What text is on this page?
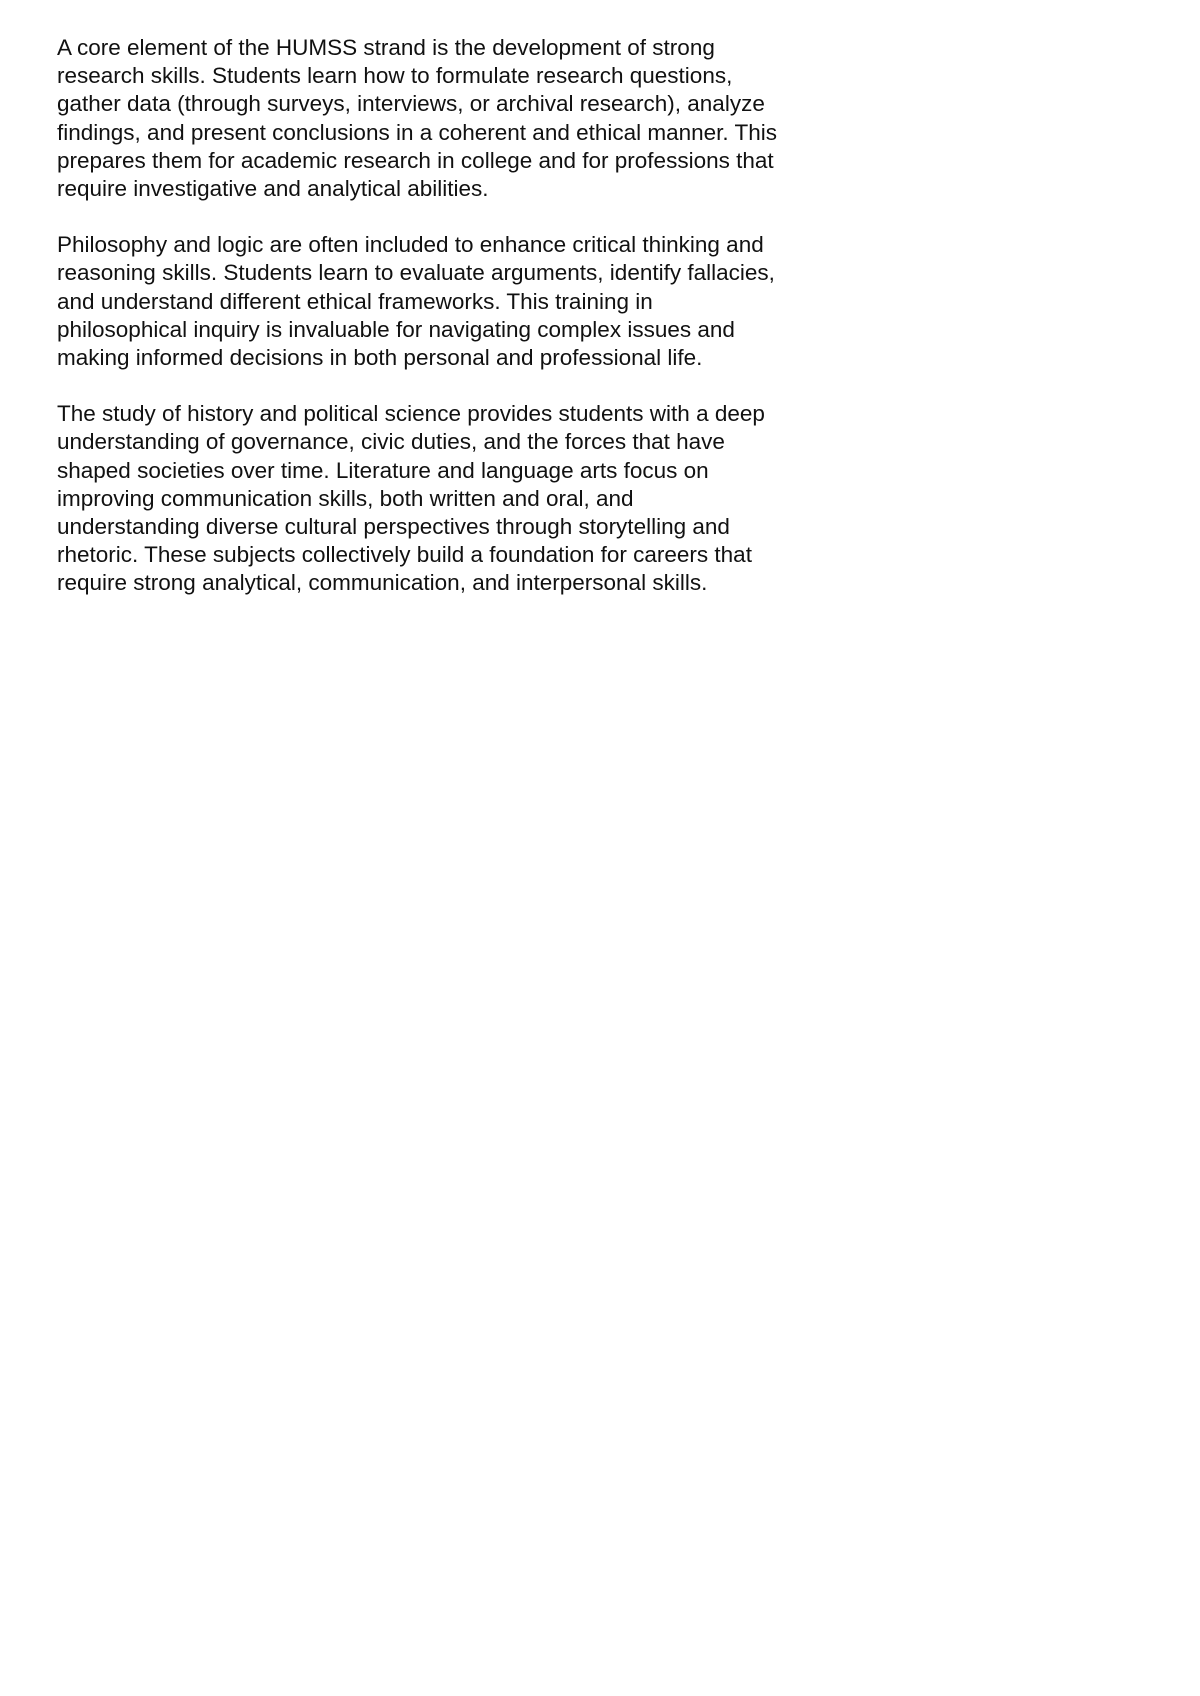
A core element of the HUMSS strand is the development of strong
research skills. Students learn how to formulate research questions,
gather data (through surveys, interviews, or archival research), analyze
findings, and present conclusions in a coherent and ethical manner. This
prepares them for academic research in college and for professions that
require investigative and analytical abilities.

Philosophy and logic are often included to enhance critical thinking and
reasoning skills. Students learn to evaluate arguments, identify fallacies,
and understand different ethical frameworks. This training in
philosophical inquiry is invaluable for navigating complex issues and
making informed decisions in both personal and professional life.

The study of history and political science provides students with a deep
understanding of governance, civic duties, and the forces that have
shaped societies over time. Literature and language arts focus on
improving communication skills, both written and oral, and
understanding diverse cultural perspectives through storytelling and
rhetoric. These subjects collectively build a foundation for careers that
require strong analytical, communication, and interpersonal skills.
